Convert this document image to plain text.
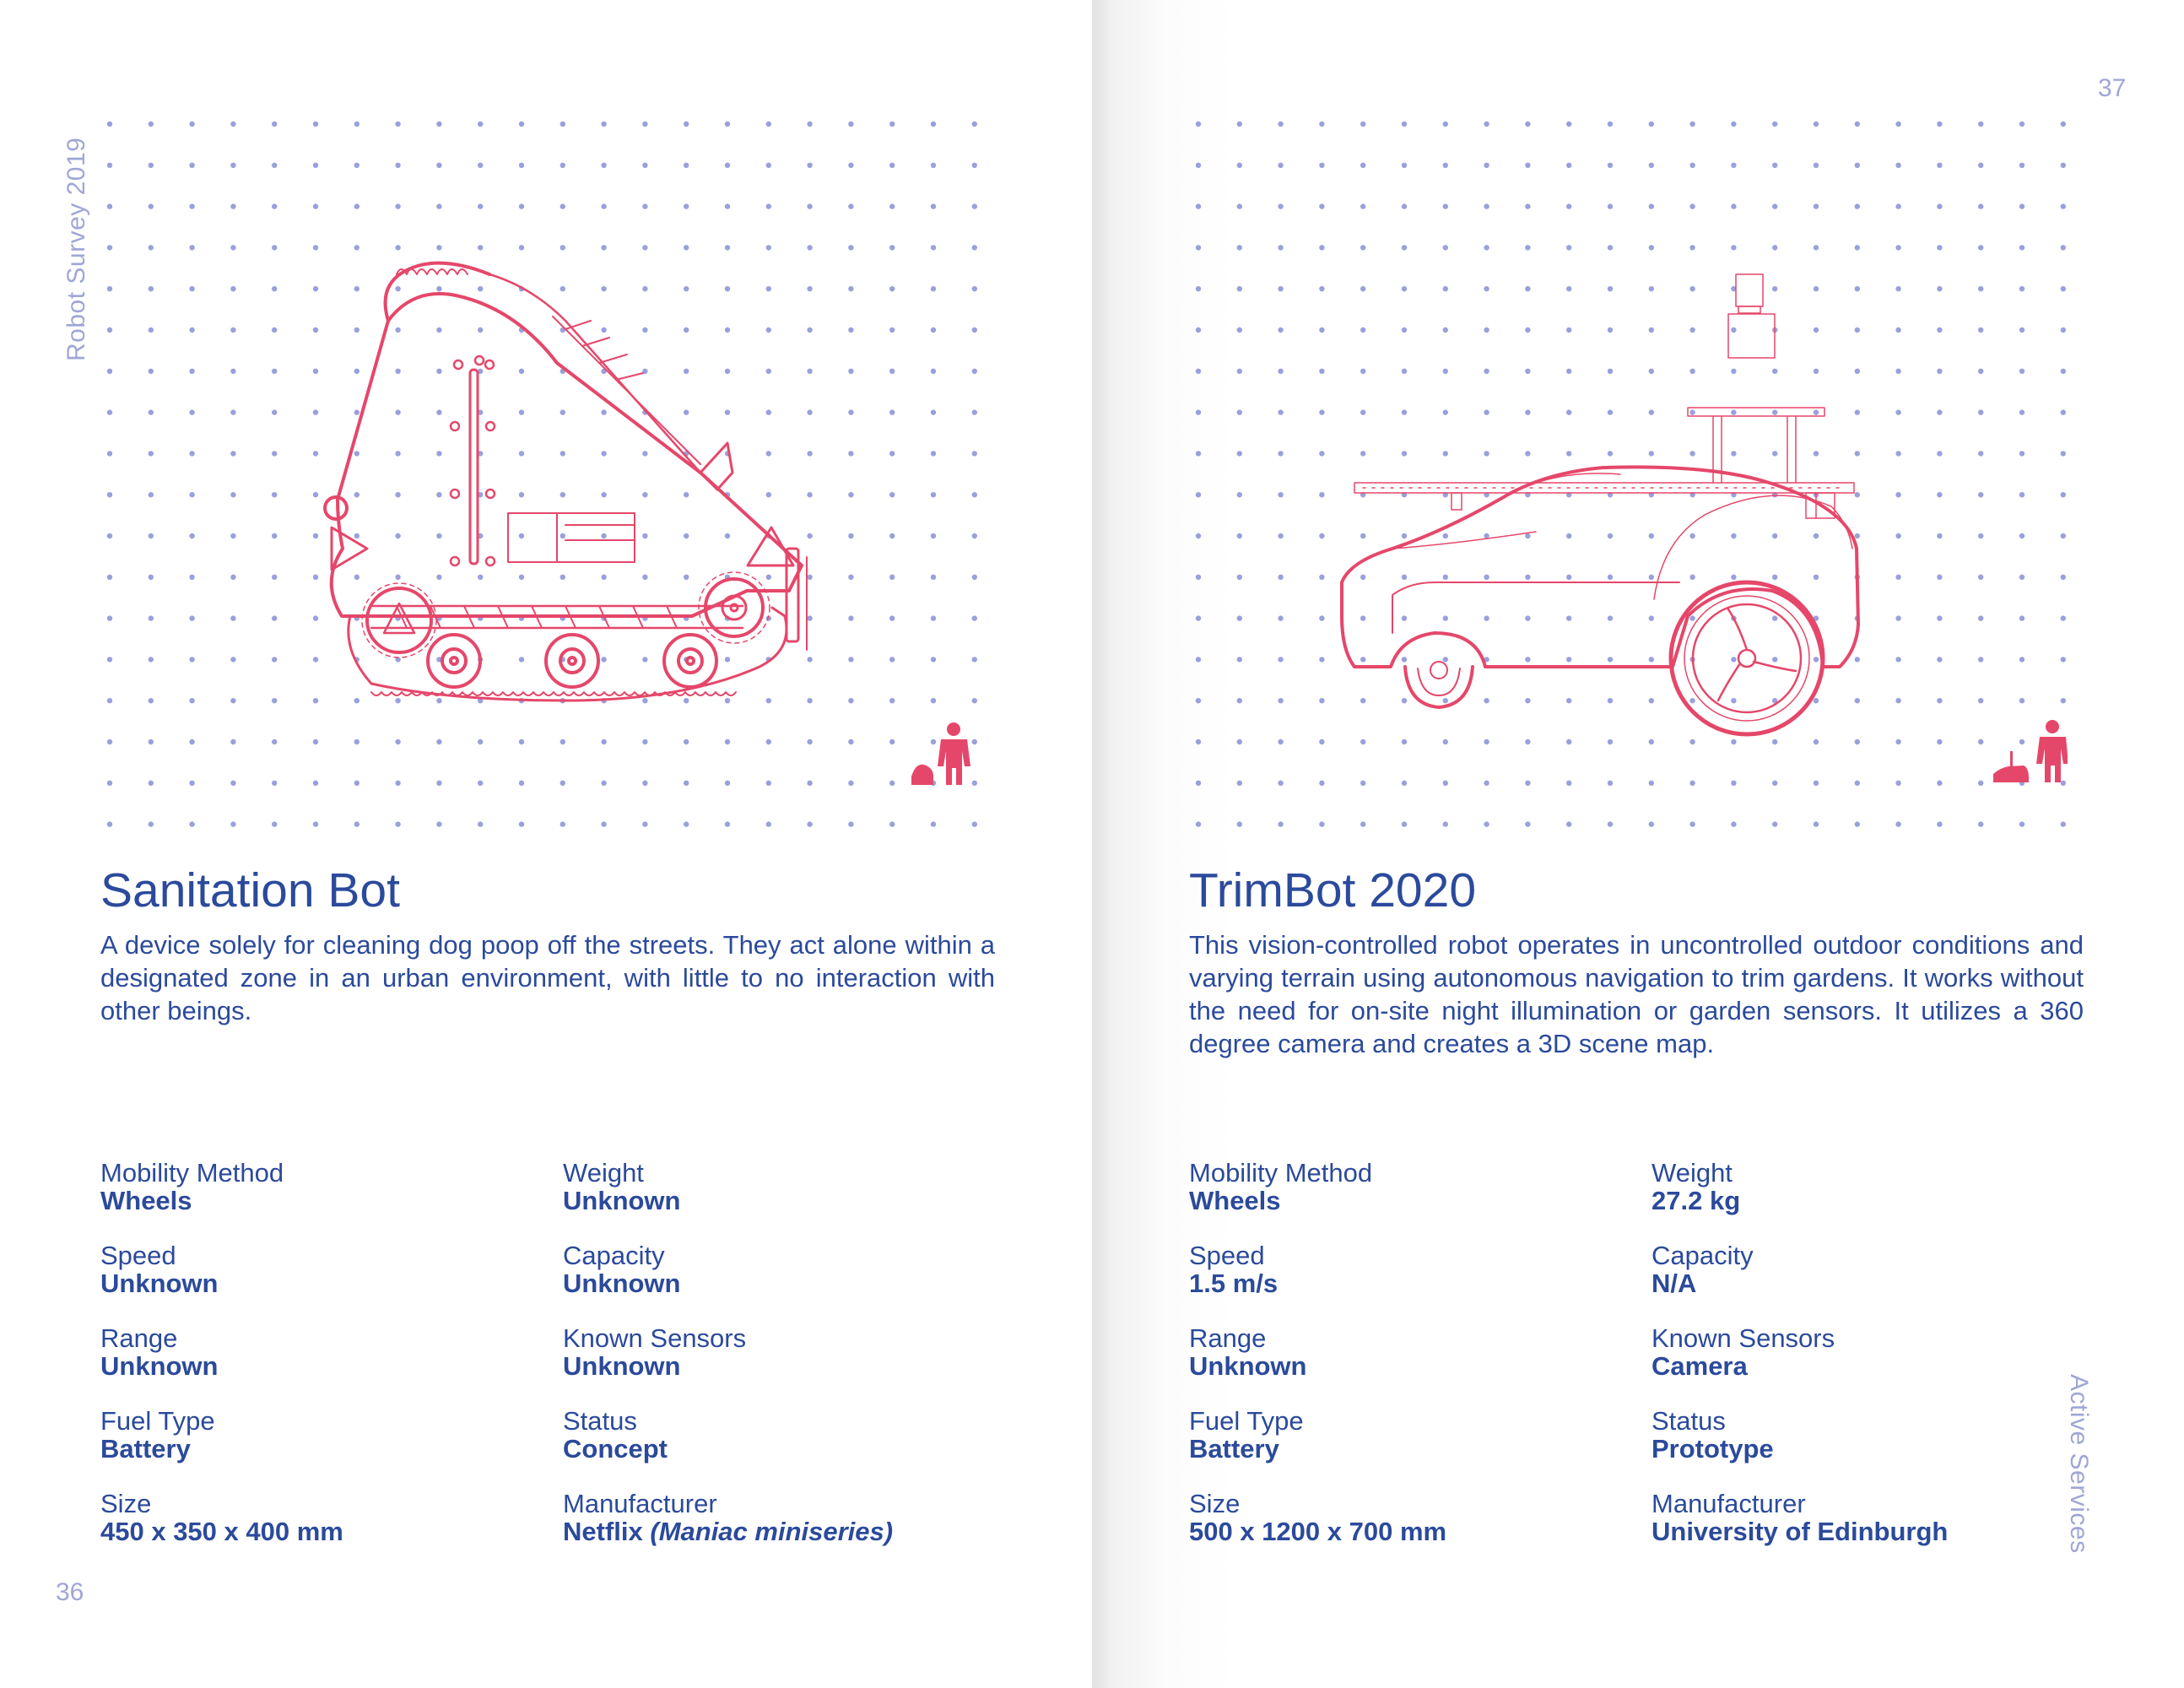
Robot Survey 2019
36
Sanitation Bot

A device solely for cleaning dog poop off the streets. They act alone within a designated zone in an urban environment, with little to no interaction with other beings.

Mobility Method
Wheels
Weight
Unknown
Speed
Unknown
Capacity
Unknown
Range
Unknown
Known Sensors
Unknown
Fuel Type
Battery
Status
Concept
Size
450 x 350 x 400 mm
Manufacturer
Netflix (Maniac miniseries)
37
Active Services
TrimBot 2020

This vision-controlled robot operates in uncontrolled outdoor conditions and varying terrain using autonomous navigation to trim gardens. It works without the need for on-site night illumination or garden sensors. It utilizes a 360 degree camera and creates a 3D scene map.

Mobility Method
Wheels
Weight
27.2 kg
Speed
1.5 m/s
Capacity
N/A
Range
Unknown
Known Sensors
Camera
Fuel Type
Battery
Status
Prototype
Size
500 x 1200 x 700 mm
Manufacturer
University of Edinburgh
